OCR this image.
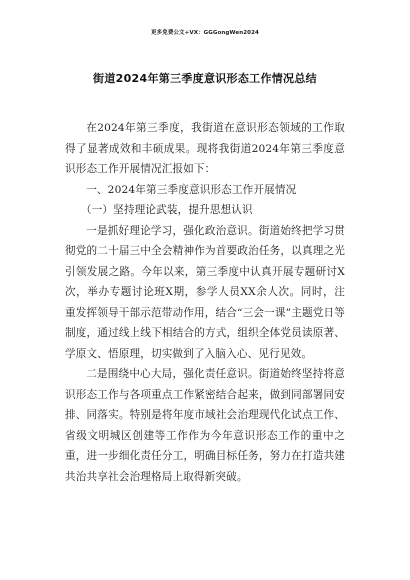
更多免费公文+VX：GGGongWen2024
街道2024年第三季度意识形态工作情况总结

在2024年第三季度，我街道在意识形态领域的工作取得了显著成效和丰硕成果。现将我街道2024年第三季度意识形态工作开展情况汇报如下：

一、2024年第三季度意识形态工作开展情况

（一）坚持理论武装，提升思想认识

一是抓好理论学习，强化政治意识。街道始终把学习贯彻党的二十届三中全会精神作为首要政治任务，以真理之光引领发展之路。今年以来，第三季度中认真开展专题研讨X次，举办专题讨论班X期，参学人员XX余人次。同时，注重发挥领导干部示范带动作用，结合“三会一课”主题党日等制度，通过线上线下相结合的方式，组织全体党员读原著、学原文、悟原理，切实做到了入脑入心、见行见效。

二是围绕中心大局，强化责任意识。街道始终坚持将意识形态工作与各项重点工作紧密结合起来，做到同部署同安排、同落实。特别是将年度市域社会治理现代化试点工作、省级文明城区创建等工作作为今年意识形态工作的重中之重，进一步细化责任分工，明确目标任务，努力在打造共建共治共享社会治理格局上取得新突破。
